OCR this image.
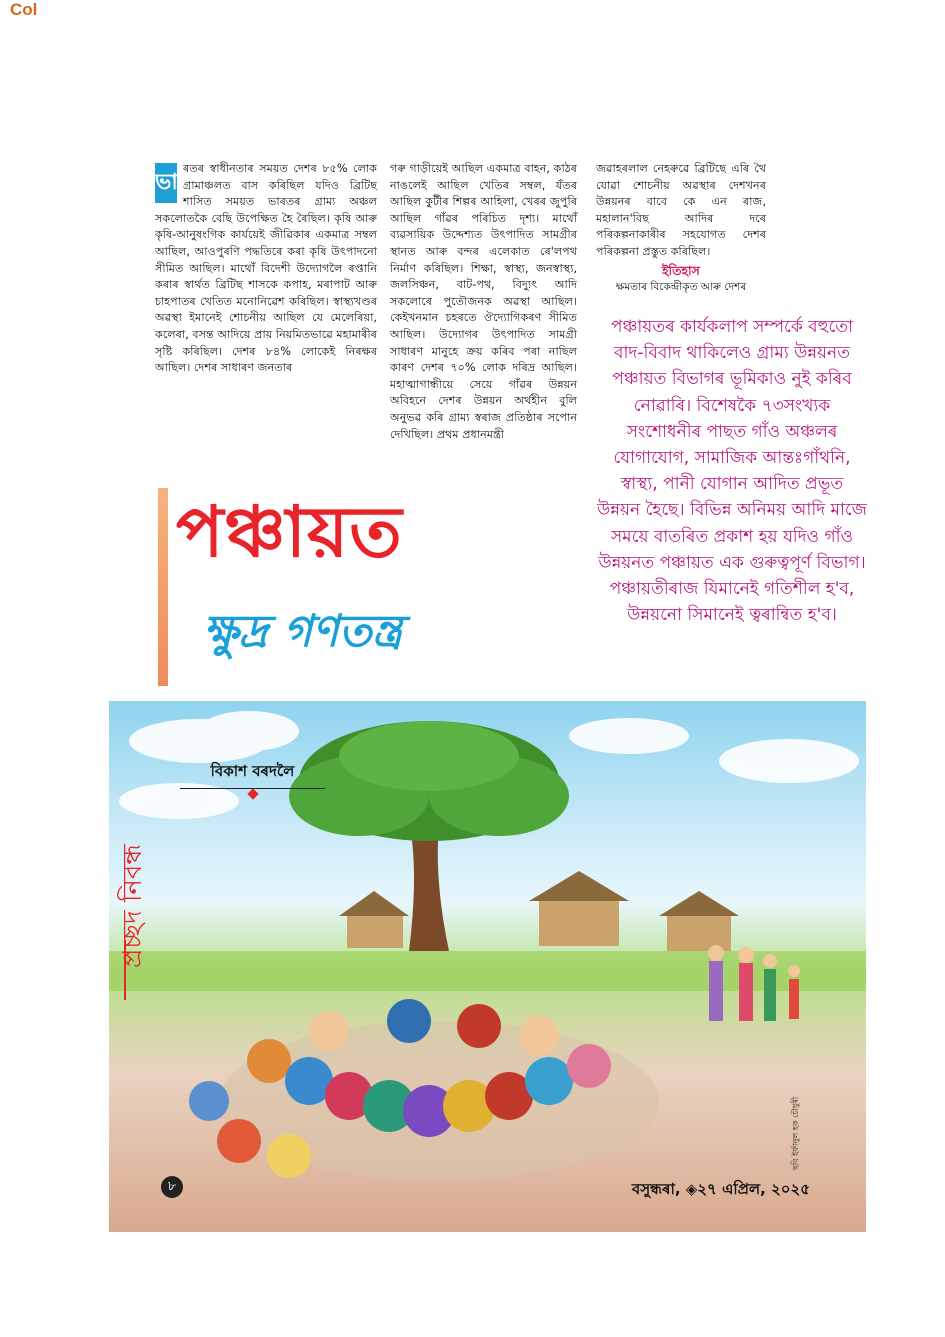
Col
ভা

ৰতৰ স্বাধীনতাৰ সময়ত দেশৰ ৮৫% লোক গ্ৰামাঞ্চলত বাস কৰিছিল যদিও ব্ৰিটিছ শাসিত সময়ত ভাৰতৰ গ্ৰাম্য অঞ্চল সকলোতকৈ বেছি উপেক্ষিত হৈ ৰৈছিল। কৃষি আৰু কৃষি-আনুষংগিক কাৰ্যয়েই জীৱিকাৰ একমাত্ৰ সম্বল আছিল, আওপুৰণি পদ্ধতিৰে কৰা কৃষি উৎপাদনো সীমিত আছিল। মাথোঁ বিদেশী উদ্যোগলৈ ৰপ্তানি কৰাৰ স্বাৰ্থত ব্ৰিটিছ শাসকে কপাহ, মৰাপাট আৰু চাহপাতৰ খেতিত মনোনিৱেশ কৰিছিল। স্বাস্থ্যখণ্ডৰ অৱস্থা ইমানেই শোচনীয় আছিল যে মেলেৰিয়া, কলেৰা, বসন্ত আদিয়ে প্ৰায় নিয়মিতভাৱে মহামাৰীৰ সৃষ্টি কৰিছিল। দেশৰ ৮৪% লোকেই নিৰক্ষৰ আছিল। দেশৰ সাধাৰণ জনতাৰ

গৰু গাড়ীয়েই আছিল একমাত্ৰ বাহন, কাঠৰ নাঙলেই আছিল খেতিৰ সম্বল, যঁতৰ আছিল কুটীৰ শিল্পৰ আহিলা, খেৰৰ জুপুৰি আছিল গাঁৱৰ পৰিচিত দৃশ্য। মাথোঁ ব্যৱসায়িক উদ্দেশ্যত উৎপাদিত সামগ্ৰীৰ স্থানত আৰু বন্দৰ এলেকাত ৰে'লপথ নিৰ্মাণ কৰিছিল। শিক্ষা, স্বাস্থ্য, জনস্বাস্থ্য, জলসিঞ্চন, বাট-পথ, বিদ্যুৎ আদি সকলোৰে পুতৌজনক অৱস্থা আছিল। কেইখনমান চহৰতে ঔদ্যোগিকৰণ সীমিত আছিল। উদ্যোগৰ উৎপাদিত সামগ্ৰী সাধাৰণ মানুহে ক্ৰয় কৰিব পৰা নাছিল কাৰণ দেশৰ ৭০% লোক দৰিদ্ৰ আছিল। মহাত্মাগান্ধীয়ে সেয়ে গাঁৱৰ উন্নয়ন অবিহনে দেশৰ উন্নয়ন অৰ্থহীন বুলি অনুভৱ কৰি গ্ৰাম্য স্বৰাজ প্ৰতিষ্ঠাৰ সপোন দেখিছিল। প্ৰথম প্ৰধানমন্ত্ৰী

জৱাহৰলাল নেহৰুৱে ব্ৰিটিছে এৰি থৈ যোৱা শোচনীয় অৱস্থাৰ দেশখনৰ উন্নয়নৰ বাবে কে এন ৰাজ, মহালান'বিছ আদিৰ দৰে পৰিকল্পনাকাৰীৰ সহযোগত দেশৰ পৰিকল্পনা প্ৰস্তুত কৰিছিল।

ইতিহাস
ক্ষমতাৰ বিকেন্দ্ৰীকৃত আৰু দেশৰ
পঞ্চায়তৰ কাৰ্যকলাপ সম্পৰ্কে বহুতো বাদ-বিবাদ থাকিলেও গ্ৰাম্য উন্নয়নত পঞ্চায়ত বিভাগৰ ভূমিকাও নুই কৰিব নোৱাৰি। বিশেষকৈ ৭৩সংখ্যক সংশোধনীৰ পাছত গাঁও অঞ্চলৰ যোগাযোগ, সামাজিক আন্তঃগাঁথনি, স্বাস্থ্য, পানী যোগান আদিত প্ৰভূত উন্নয়ন হৈছে। বিভিন্ন অনিময় আদি মাজে সময়ে বাতৰিত প্ৰকাশ হয় যদিও গাঁও উন্নয়নত পঞ্চায়ত এক গুৰুত্বপূৰ্ণ বিভাগ। পঞ্চায়তীৰাজ যিমানেই গতিশীল হ'ব, উন্নয়নো সিমানেই ত্বৰান্বিত হ'ব।
পঞ্চায়ত
ক্ষুদ্ৰ গণতন্ত্ৰ
বিকাশ বৰদলৈ
প্ৰচ্ছদ নিবন্ধ
ছবি ইৰ্ফানুল হক চৌধুৰী
৮	বসুন্ধৰা, ◈২৭ এপ্ৰিল, ২০২৫
